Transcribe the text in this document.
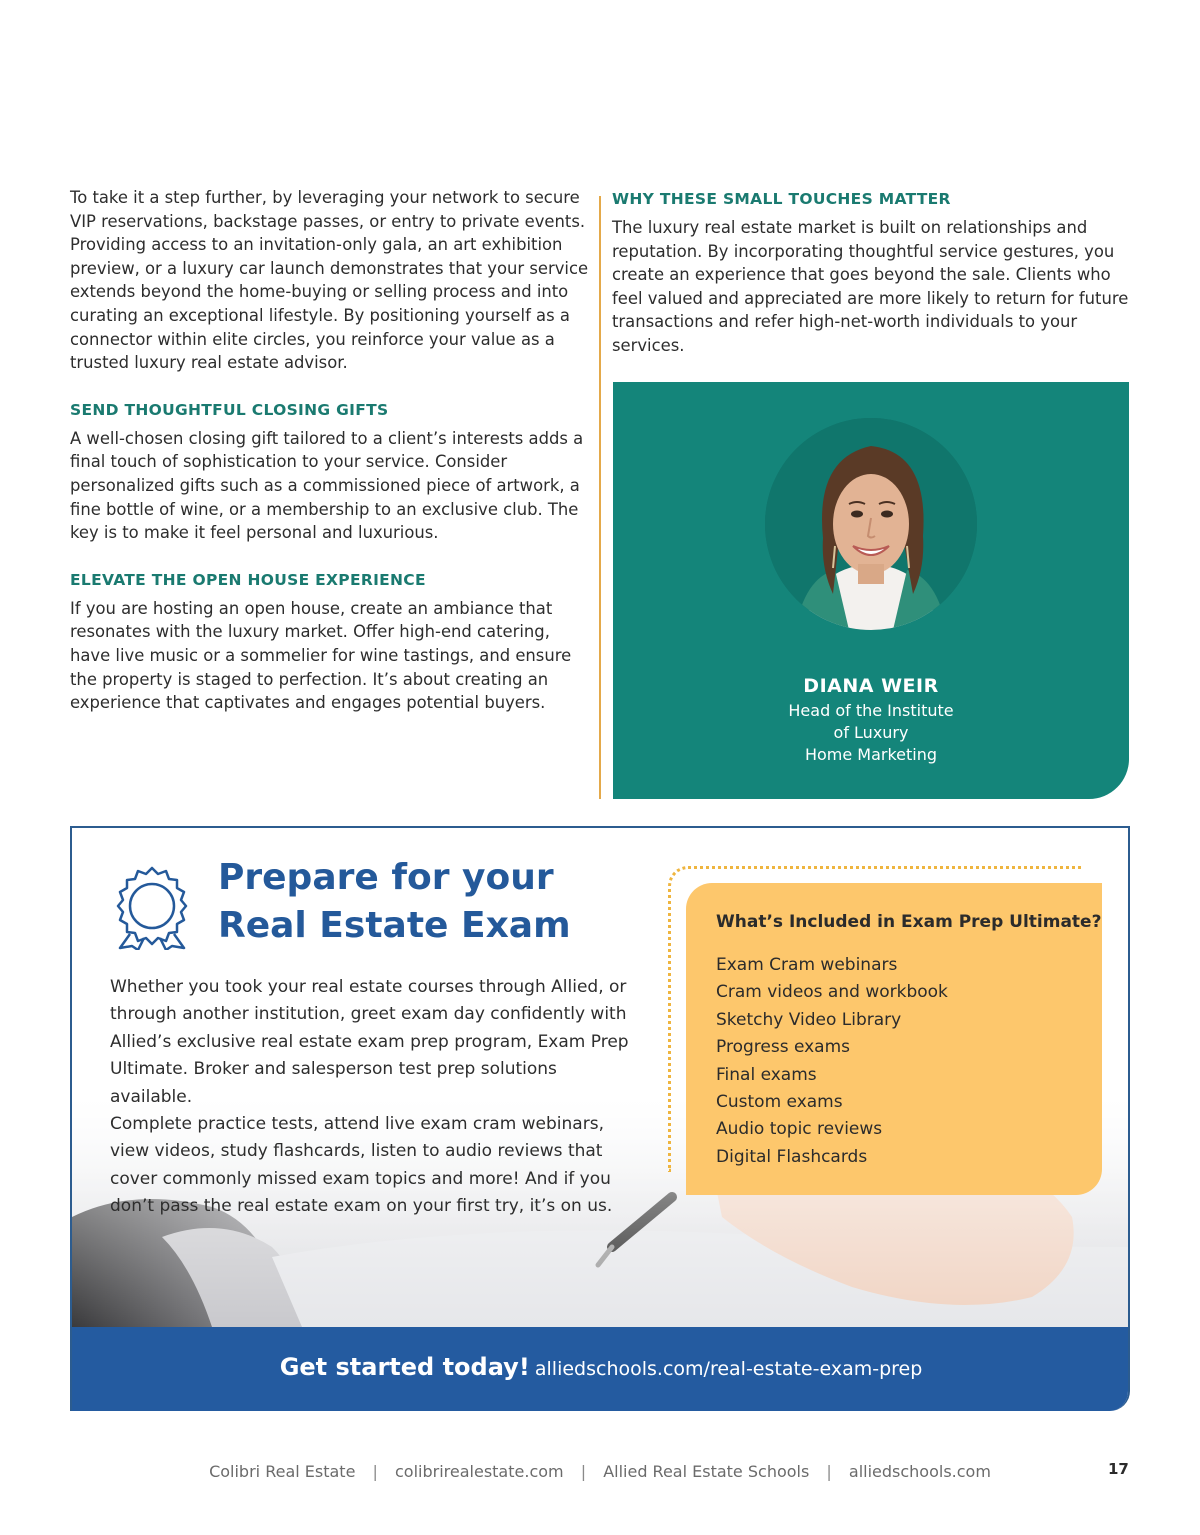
To take it a step further, by leveraging your network to secure VIP reservations, backstage passes, or entry to private events. Providing access to an invitation-only gala, an art exhibition preview, or a luxury car launch demonstrates that your service extends beyond the home-buying or selling process and into curating an exceptional lifestyle. By positioning yourself as a connector within elite circles, you reinforce your value as a trusted luxury real estate advisor.

SEND THOUGHTFUL CLOSING GIFTS

A well-chosen closing gift tailored to a client’s interests adds a final touch of sophistication to your service. Consider personalized gifts such as a commissioned piece of artwork, a fine bottle of wine, or a membership to an exclusive club. The key is to make it feel personal and luxurious.

ELEVATE THE OPEN HOUSE EXPERIENCE

If you are hosting an open house, create an ambiance that resonates with the luxury market. Offer high-end catering, have live music or a sommelier for wine tastings, and ensure the property is staged to perfection. It’s about creating an experience that captivates and engages potential buyers.

WHY THESE SMALL TOUCHES MATTER

The luxury real estate market is built on relationships and reputation. By incorporating thoughtful service gestures, you create an experience that goes beyond the sale. Clients who feel valued and appreciated are more likely to return for future transactions and refer high-net-worth individuals to your services.

DIANA WEIR
Head of the Institute
of Luxury
Home Marketing
Prepare for your
Real Estate Exam

Whether you took your real estate courses through Allied, or through another institution, greet exam day confidently with Allied’s exclusive real estate exam prep program, Exam Prep Ultimate. Broker and salesperson test prep solutions available.

Complete practice tests, attend live exam cram webinars, view videos, study flashcards, listen to audio reviews that cover commonly missed exam topics and more! And if you don’t pass the real estate exam on your first try, it’s on us.

What’s Included in Exam Prep Ultimate?
Exam Cram webinars
Cram videos and workbook
Sketchy Video Library
Progress exams
Final exams
Custom exams
Audio topic reviews
Digital Flashcards
Get started today! alliedschools.com/real-estate-exam-prep
Colibri Real Estate | colibrirealestate.com | Allied Real Estate Schools | alliedschools.com	17
